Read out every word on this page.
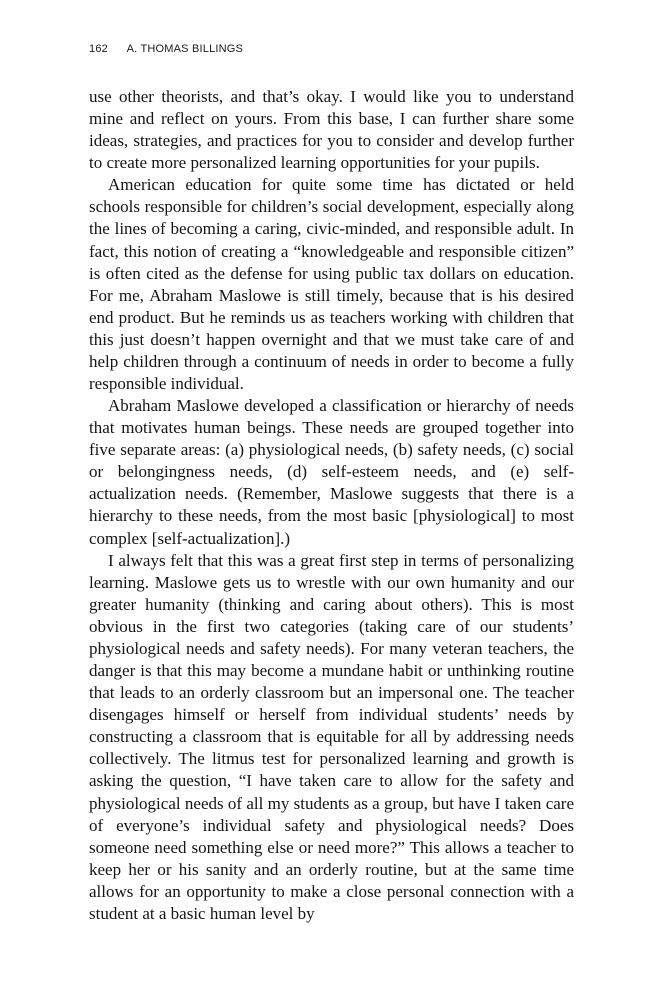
162 A. THOMAS BILLINGS

use other theorists, and that’s okay. I would like you to understand mine and reflect on yours. From this base, I can further share some ideas, strategies, and practices for you to consider and develop further to create more personalized learning opportunities for your pupils.

American education for quite some time has dictated or held schools responsible for children’s social development, especially along the lines of becoming a caring, civic-minded, and responsible adult. In fact, this notion of creating a “knowledgeable and responsible citizen” is often cited as the defense for using public tax dollars on education. For me, Abraham Maslowe is still timely, because that is his desired end product. But he reminds us as teachers working with children that this just doesn’t happen overnight and that we must take care of and help children through a continuum of needs in order to become a fully responsible individual.

Abraham Maslowe developed a classification or hierarchy of needs that motivates human beings. These needs are grouped together into five separate areas: (a) physiological needs, (b) safety needs, (c) social or belongingness needs, (d) self-esteem needs, and (e) self-actualization needs. (Remember, Maslowe suggests that there is a hierarchy to these needs, from the most basic [physiological] to most complex [self-actualization].)

I always felt that this was a great first step in terms of personalizing learning. Maslowe gets us to wrestle with our own humanity and our greater humanity (thinking and caring about others). This is most obvious in the first two categories (taking care of our students’ physiological needs and safety needs). For many veteran teachers, the danger is that this may become a mundane habit or unthinking routine that leads to an orderly classroom but an impersonal one. The teacher disengages himself or herself from individual students’ needs by constructing a classroom that is equitable for all by addressing needs collectively. The litmus test for personalized learning and growth is asking the question, “I have taken care to allow for the safety and physiological needs of all my students as a group, but have I taken care of everyone’s individual safety and physiological needs? Does someone need something else or need more?” This allows a teacher to keep her or his sanity and an orderly routine, but at the same time allows for an opportunity to make a close personal connection with a student at a basic human level by
